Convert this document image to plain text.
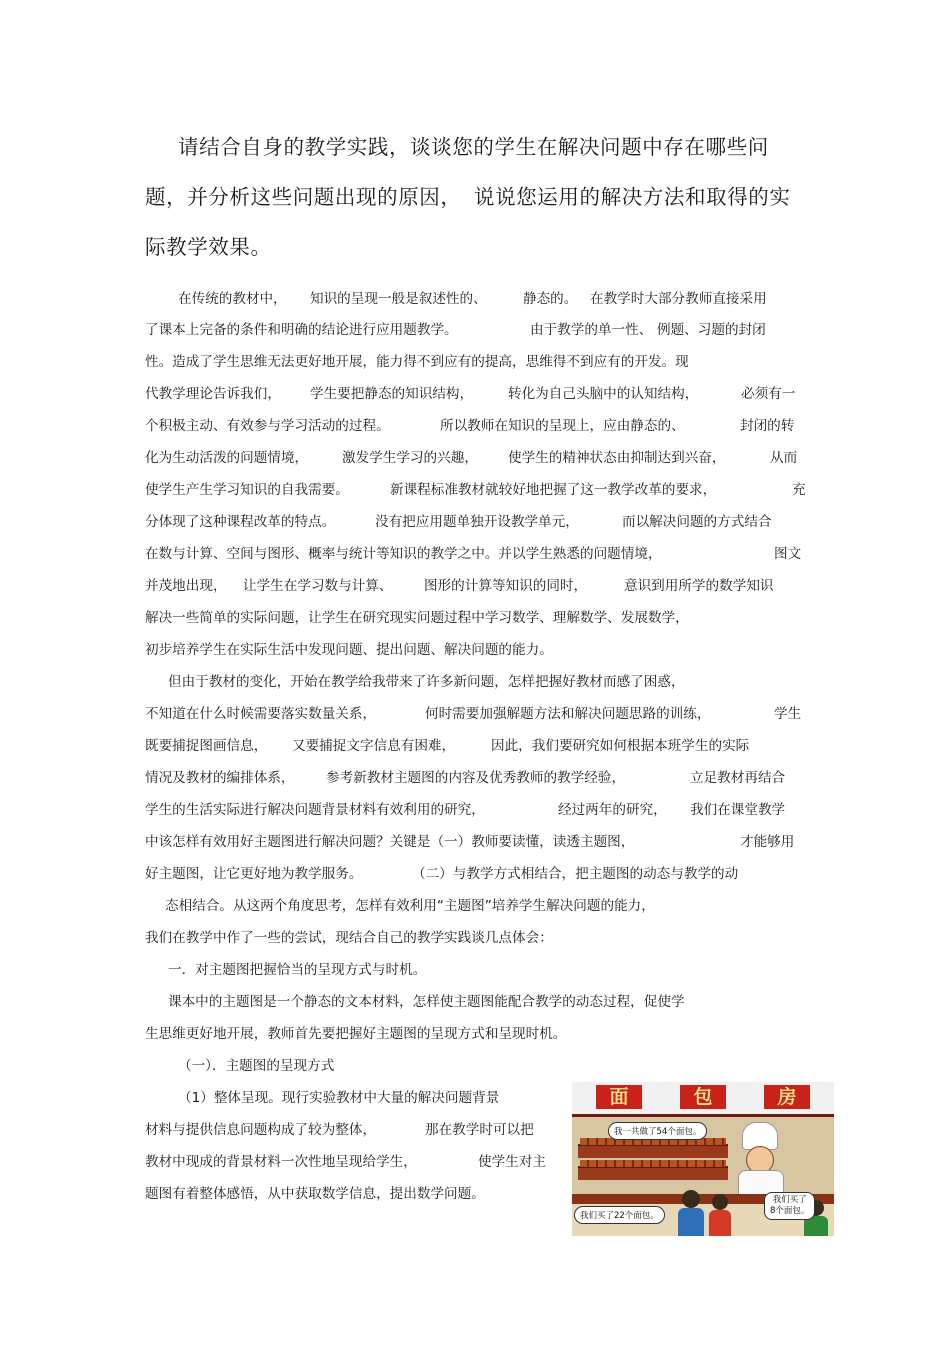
请结合自身的教学实践，谈谈您的学生在解决问题中存在哪些问
题，并分析这些问题出现的原因， 说说您运用的解决方法和取得的实
际教学效果。
在传统的教材中， 知识的呈现一般是叙述性的、	静态的。 在教学时大部分教师直接采用
了课本上完备的条件和明确的结论进行应用题教学。	由于教学的单一性、 例题、习题的封闭
性。造成了学生思维无法更好地开展，能力得不到应有的提高，思维得不到应有的开发。现
代教学理论告诉我们， 学生要把静态的知识结构，	转化为自己头脑中的认知结构，	必须有一
个积极主动、有效参与学习活动的过程。	所以教师在知识的呈现上，应由静态的、	封闭的转
化为生动活泼的问题情境， 激发学生学习的兴趣， 使学生的精神状态由抑制达到兴奋，	从而
使学生产生学习知识的自我需要。	新课程标准教材就较好地把握了这一教学改革的要求，	充
分体现了这种课程改革的特点。	没有把应用题单独开设教学单元，	而以解决问题的方式结合
在数与计算、空间与图形、概率与统计等知识的教学之中。并以学生熟悉的问题情境，	图文
并茂地出现， 让学生在学习数与计算、 图形的计算等知识的同时，	意识到用所学的数学知识
解决一些简单的实际问题，让学生在研究现实问题过程中学习数学、理解数学、发展数学，
初步培养学生在实际生活中发现问题、提出问题、解决问题的能力。
但由于教材的变化，开始在教学给我带来了许多新问题，怎样把握好教材而感了困惑，
不知道在什么时候需要落实数量关系，	何时需要加强解题方法和解决问题思路的训练，	学生
既要捕捉图画信息， 又要捕捉文字信息有困难，	因此，我们要研究如何根据本班学生的实际
情况及教材的编排体系， 参考新教材主题图的内容及优秀教师的教学经验，	立足教材再结合
学生的生活实际进行解决问题背景材料有效利用的研究，	经过两年的研究， 我们在课堂教学
中该怎样有效用好主题图进行解决问题？关键是（一）教师要读懂，读透主题图，	才能够用
好主题图，让它更好地为教学服务。	（二）与教学方式相结合，把主题图的动态与教学的动
态相结合。从这两个角度思考，怎样有效利用“主题图”培养学生解决问题的能力，
我们在教学中作了一些的尝试，现结合自己的教学实践谈几点体会：
一．对主题图把握恰当的呈现方式与时机。
课本中的主题图是一个静态的文本材料，怎样使主题图能配合教学的动态过程，促使学
生思维更好地开展，教师首先要把握好主题图的呈现方式和呈现时机。
（一）．主题图的呈现方式
（1）整体呈现。现行实验教材中大量的解决问题背景
材料与提供信息问题构成了较为整体，	那在教学时可以把
教材中现成的背景材料一次性地呈现给学生，	使学生对主
题图有着整体感悟，从中获取数学信息，提出数学问题。
面	包	房
我一共做了54个面包。
我们买了22个面包。
我们买了
8个面包。
